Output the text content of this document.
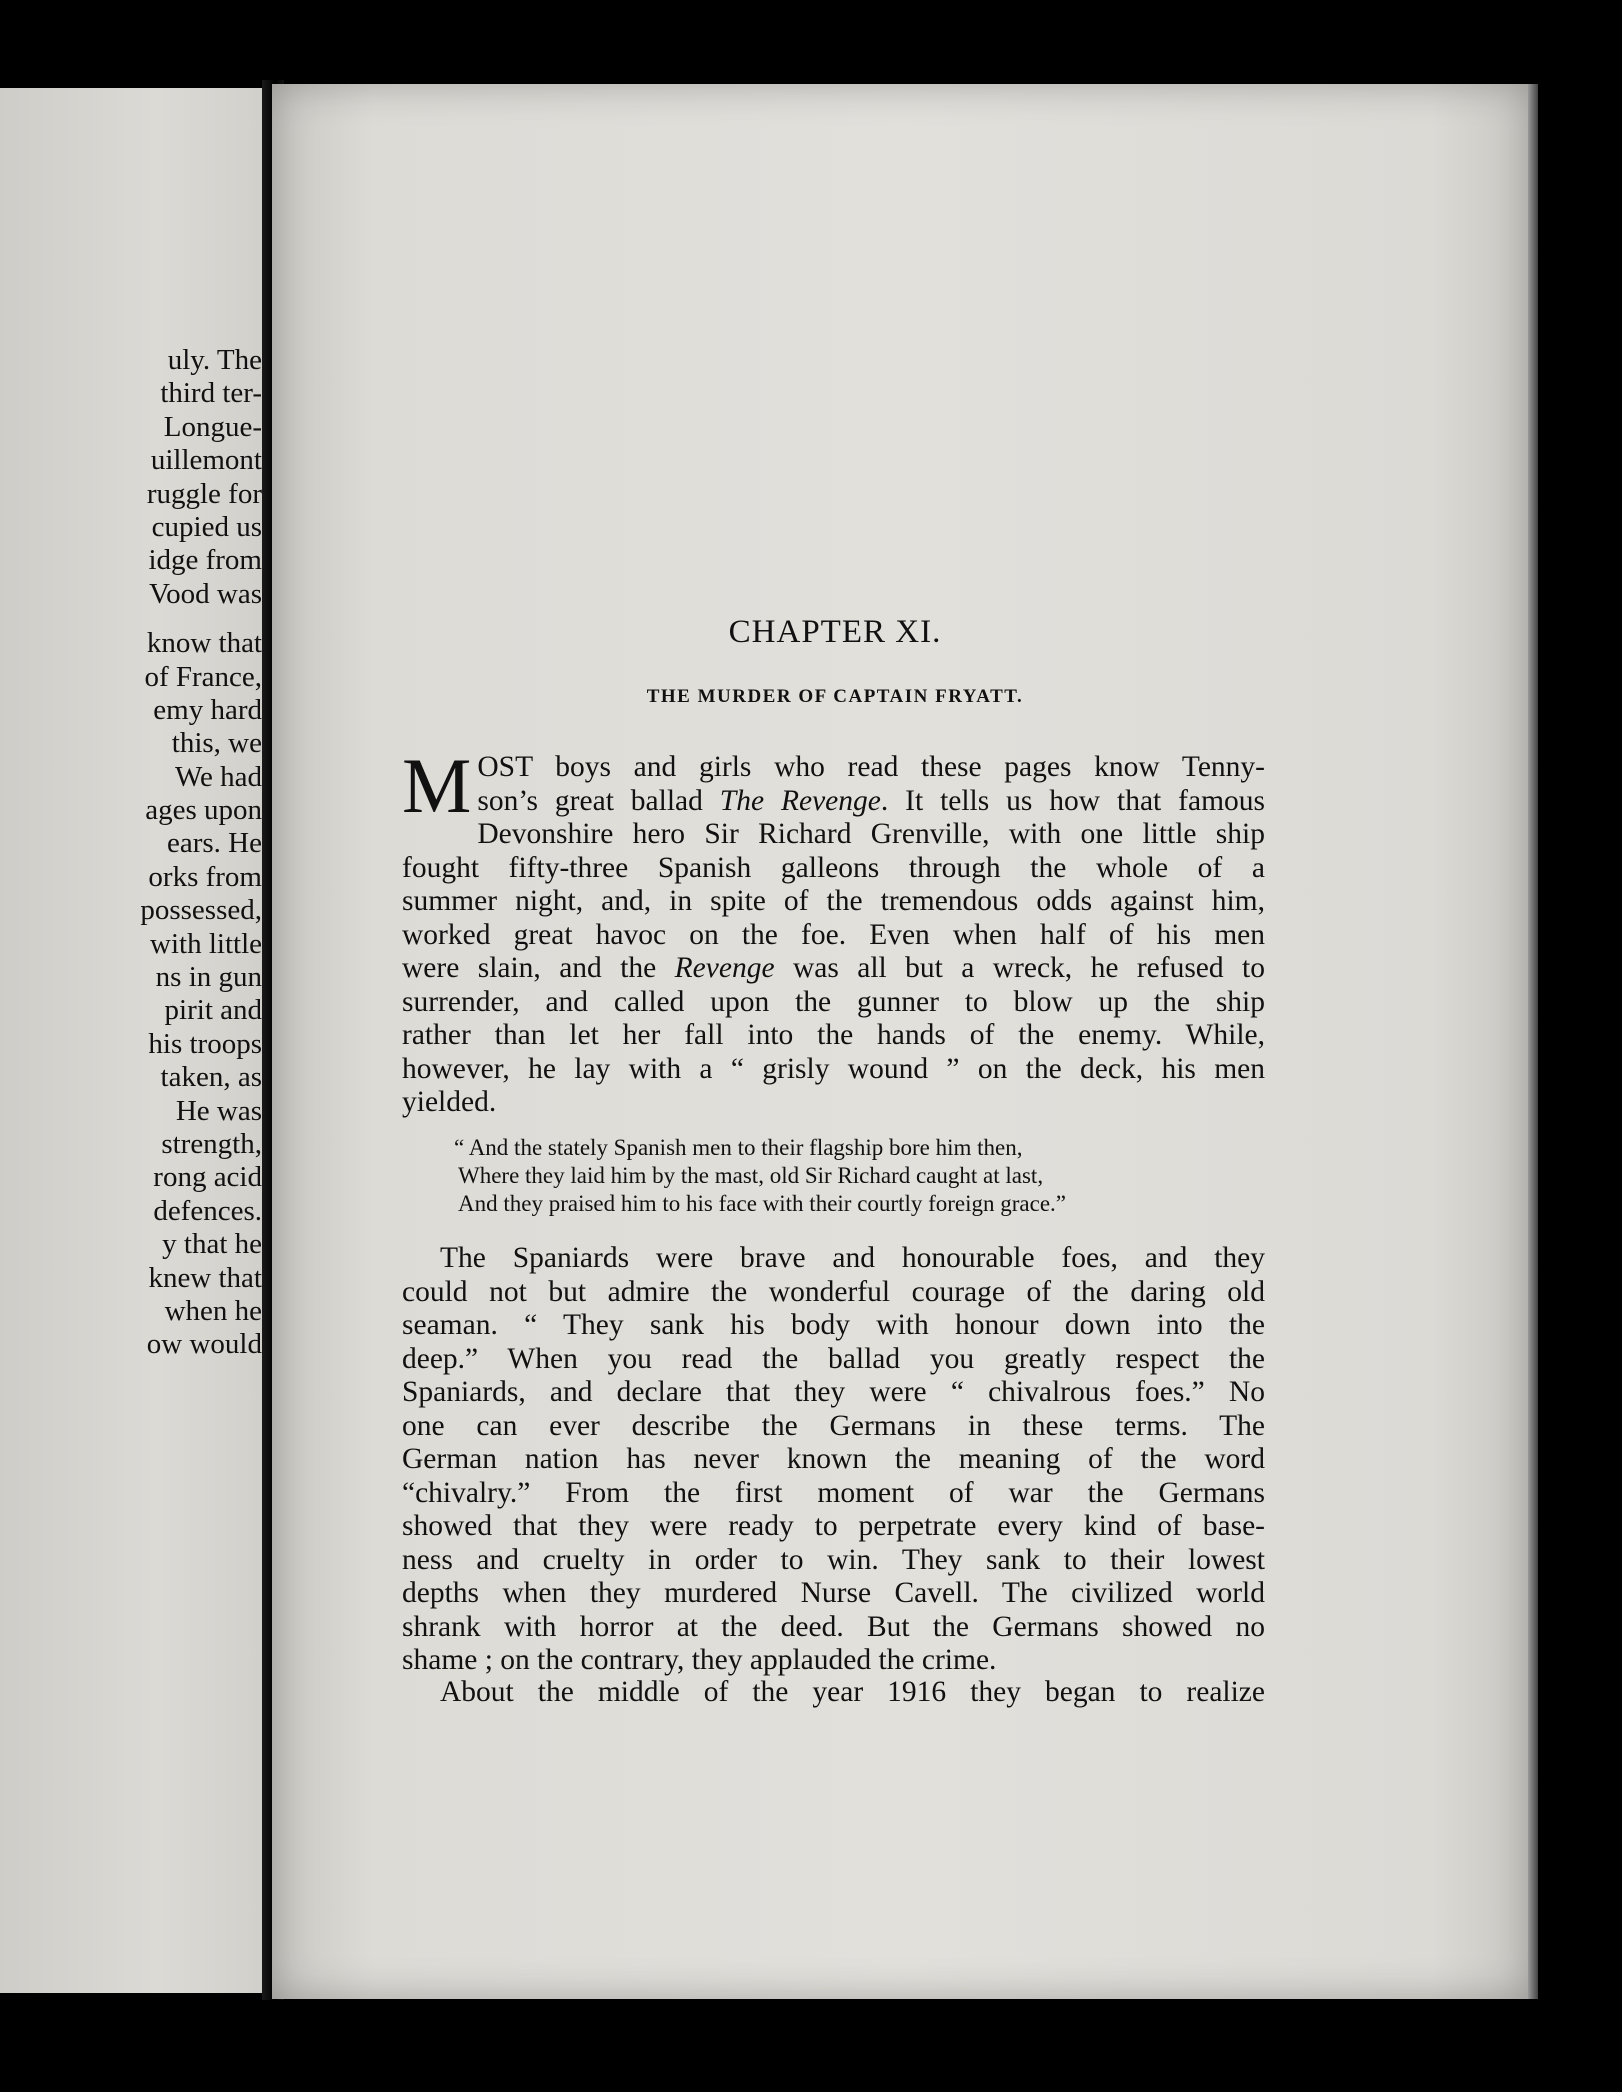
uly. The
third ter-
Longue-
uillemont
ruggle for
cupied us
idge from
Vood was
know that
of France,
emy hard
this, we
We had
ages upon
ears. He
orks from
possessed,
with little
ns in gun
pirit and
his troops
taken, as
He was
strength,
rong acid
defences.
y that he
knew that
when he
ow would
CHAPTER XI.
THE MURDER OF CAPTAIN FRYATT.
M OST boys and girls who read these pages know Tenny-
son’s great ballad The Revenge. It tells us how that famous
Devonshire hero Sir Richard Grenville, with one little ship
fought fifty-three Spanish galleons through the whole of a
summer night, and, in spite of the tremendous odds against him,
worked great havoc on the foe. Even when half of his men
were slain, and the Revenge was all but a wreck, he refused to
surrender, and called upon the gunner to blow up the ship
rather than let her fall into the hands of the enemy. While,
however, he lay with a “ grisly wound ” on the deck, his men
yielded.
“ And the stately Spanish men to their flagship bore him then,
Where they laid him by the mast, old Sir Richard caught at last,
And they praised him to his face with their courtly foreign grace.”
The Spaniards were brave and honourable foes, and they
could not but admire the wonderful courage of the daring old
seaman. “ They sank his body with honour down into the
deep.” When you read the ballad you greatly respect the
Spaniards, and declare that they were “ chivalrous foes.” No
one can ever describe the Germans in these terms. The
German nation has never known the meaning of the word
“chivalry.” From the first moment of war the Germans
showed that they were ready to perpetrate every kind of base-
ness and cruelty in order to win. They sank to their lowest
depths when they murdered Nurse Cavell. The civilized world
shrank with horror at the deed. But the Germans showed no
shame ; on the contrary, they applauded the crime.
About the middle of the year 1916 they began to realize
